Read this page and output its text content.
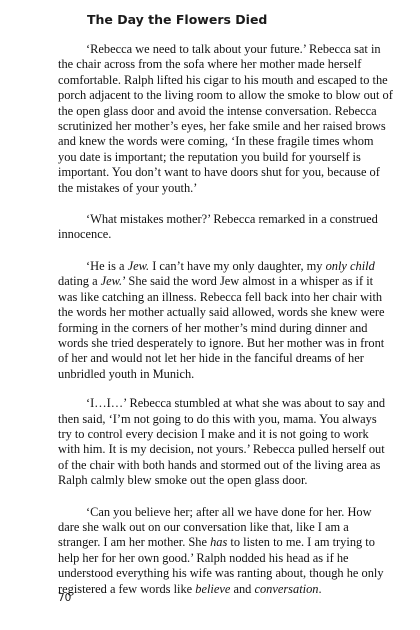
The Day the Flowers Died

‘Rebecca we need to talk about your future.’ Rebecca sat in the chair across from the sofa where her mother made herself comfortable. Ralph lifted his cigar to his mouth and escaped to the porch adjacent to the living room to allow the smoke to blow out of the open glass door and avoid the intense conversation. Rebecca scrutinized her mother’s eyes, her fake smile and her raised brows and knew the words were coming, ‘In these fragile times whom you date is important; the reputation you build for yourself is important. You don’t want to have doors shut for you, because of the mistakes of your youth.’

‘What mistakes mother?’ Rebecca remarked in a construed innocence.

‘He is a Jew. I can’t have my only daughter, my only child dating a Jew.’ She said the word Jew almost in a whisper as if it was like catching an illness. Rebecca fell back into her chair with the words her mother actually said allowed, words she knew were forming in the corners of her mother’s mind during dinner and words she tried desperately to ignore. But her mother was in front of her and would not let her hide in the fanciful dreams of her unbridled youth in Munich.

‘I…I…’ Rebecca stumbled at what she was about to say and then said, ‘I’m not going to do this with you, mama. You always try to control every decision I make and it is not going to work with him. It is my decision, not yours.’ Rebecca pulled herself out of the chair with both hands and stormed out of the living area as Ralph calmly blew smoke out the open glass door.

‘Can you believe her; after all we have done for her. How dare she walk out on our conversation like that, like I am a stranger. I am her mother. She has to listen to me. I am trying to help her for her own good.’ Ralph nodded his head as if he understood everything his wife was ranting about, though he only registered a few words like believe and conversation.

70
